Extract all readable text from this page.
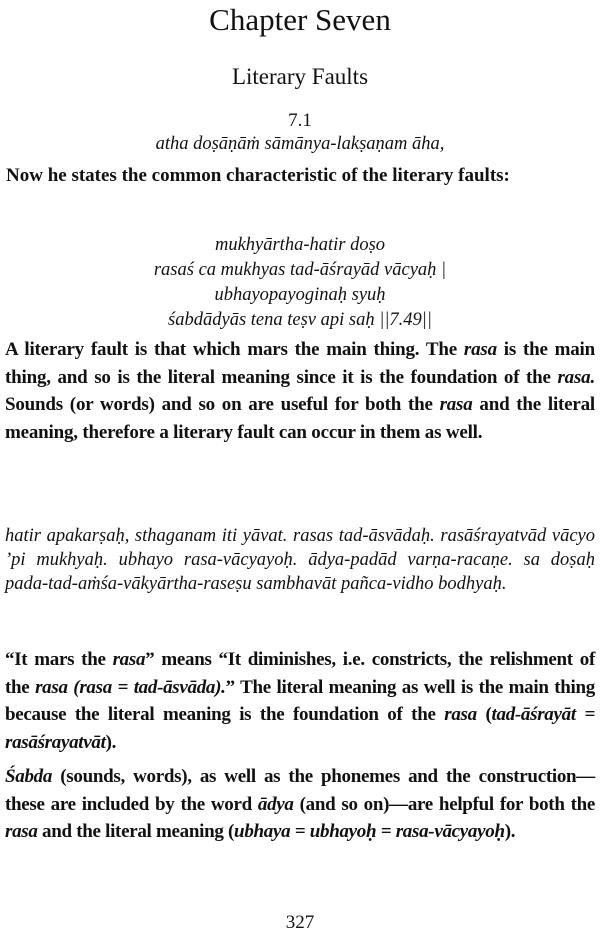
Chapter Seven
Literary Faults
7.1
atha doṣāṇāṁ sāmānya-lakṣaṇam āha,
Now he states the common characteristic of the literary faults:
mukhyārtha-hatir doṣo
rasaś ca mukhyas tad-āśrayād vācyaḥ |
ubhayopayoginaḥ syuḥ
śabdādyās tena teṣv api saḥ ||7.49||
A literary fault is that which mars the main thing. The rasa is the main thing, and so is the literal meaning since it is the foundation of the rasa. Sounds (or words) and so on are useful for both the rasa and the literal meaning, therefore a literary fault can occur in them as well.
hatir apakarṣaḥ, sthaganam iti yāvat. rasas tad-āsvādaḥ. rasāśrayatvād vācyo ’pi mukhyaḥ. ubhayo rasa-vācyayoḥ. ādya-padād varṇa-racaṇe. sa doṣaḥ pada-tad-aṁśa-vākyārtha-raseṣu sambhavāt pañca-vidho bodhyaḥ.
“It mars the rasa” means “It diminishes, i.e. constricts, the relishment of the rasa (rasa = tad-āsvāda).” The literal meaning as well is the main thing because the literal meaning is the foundation of the rasa (tad-āśrayāt = rasāśrayatvāt).
Śabda (sounds, words), as well as the phonemes and the construction—these are included by the word ādya (and so on)—are helpful for both the rasa and the literal meaning (ubhaya = ubhayoḥ = rasa-vācyayoḥ).
327
